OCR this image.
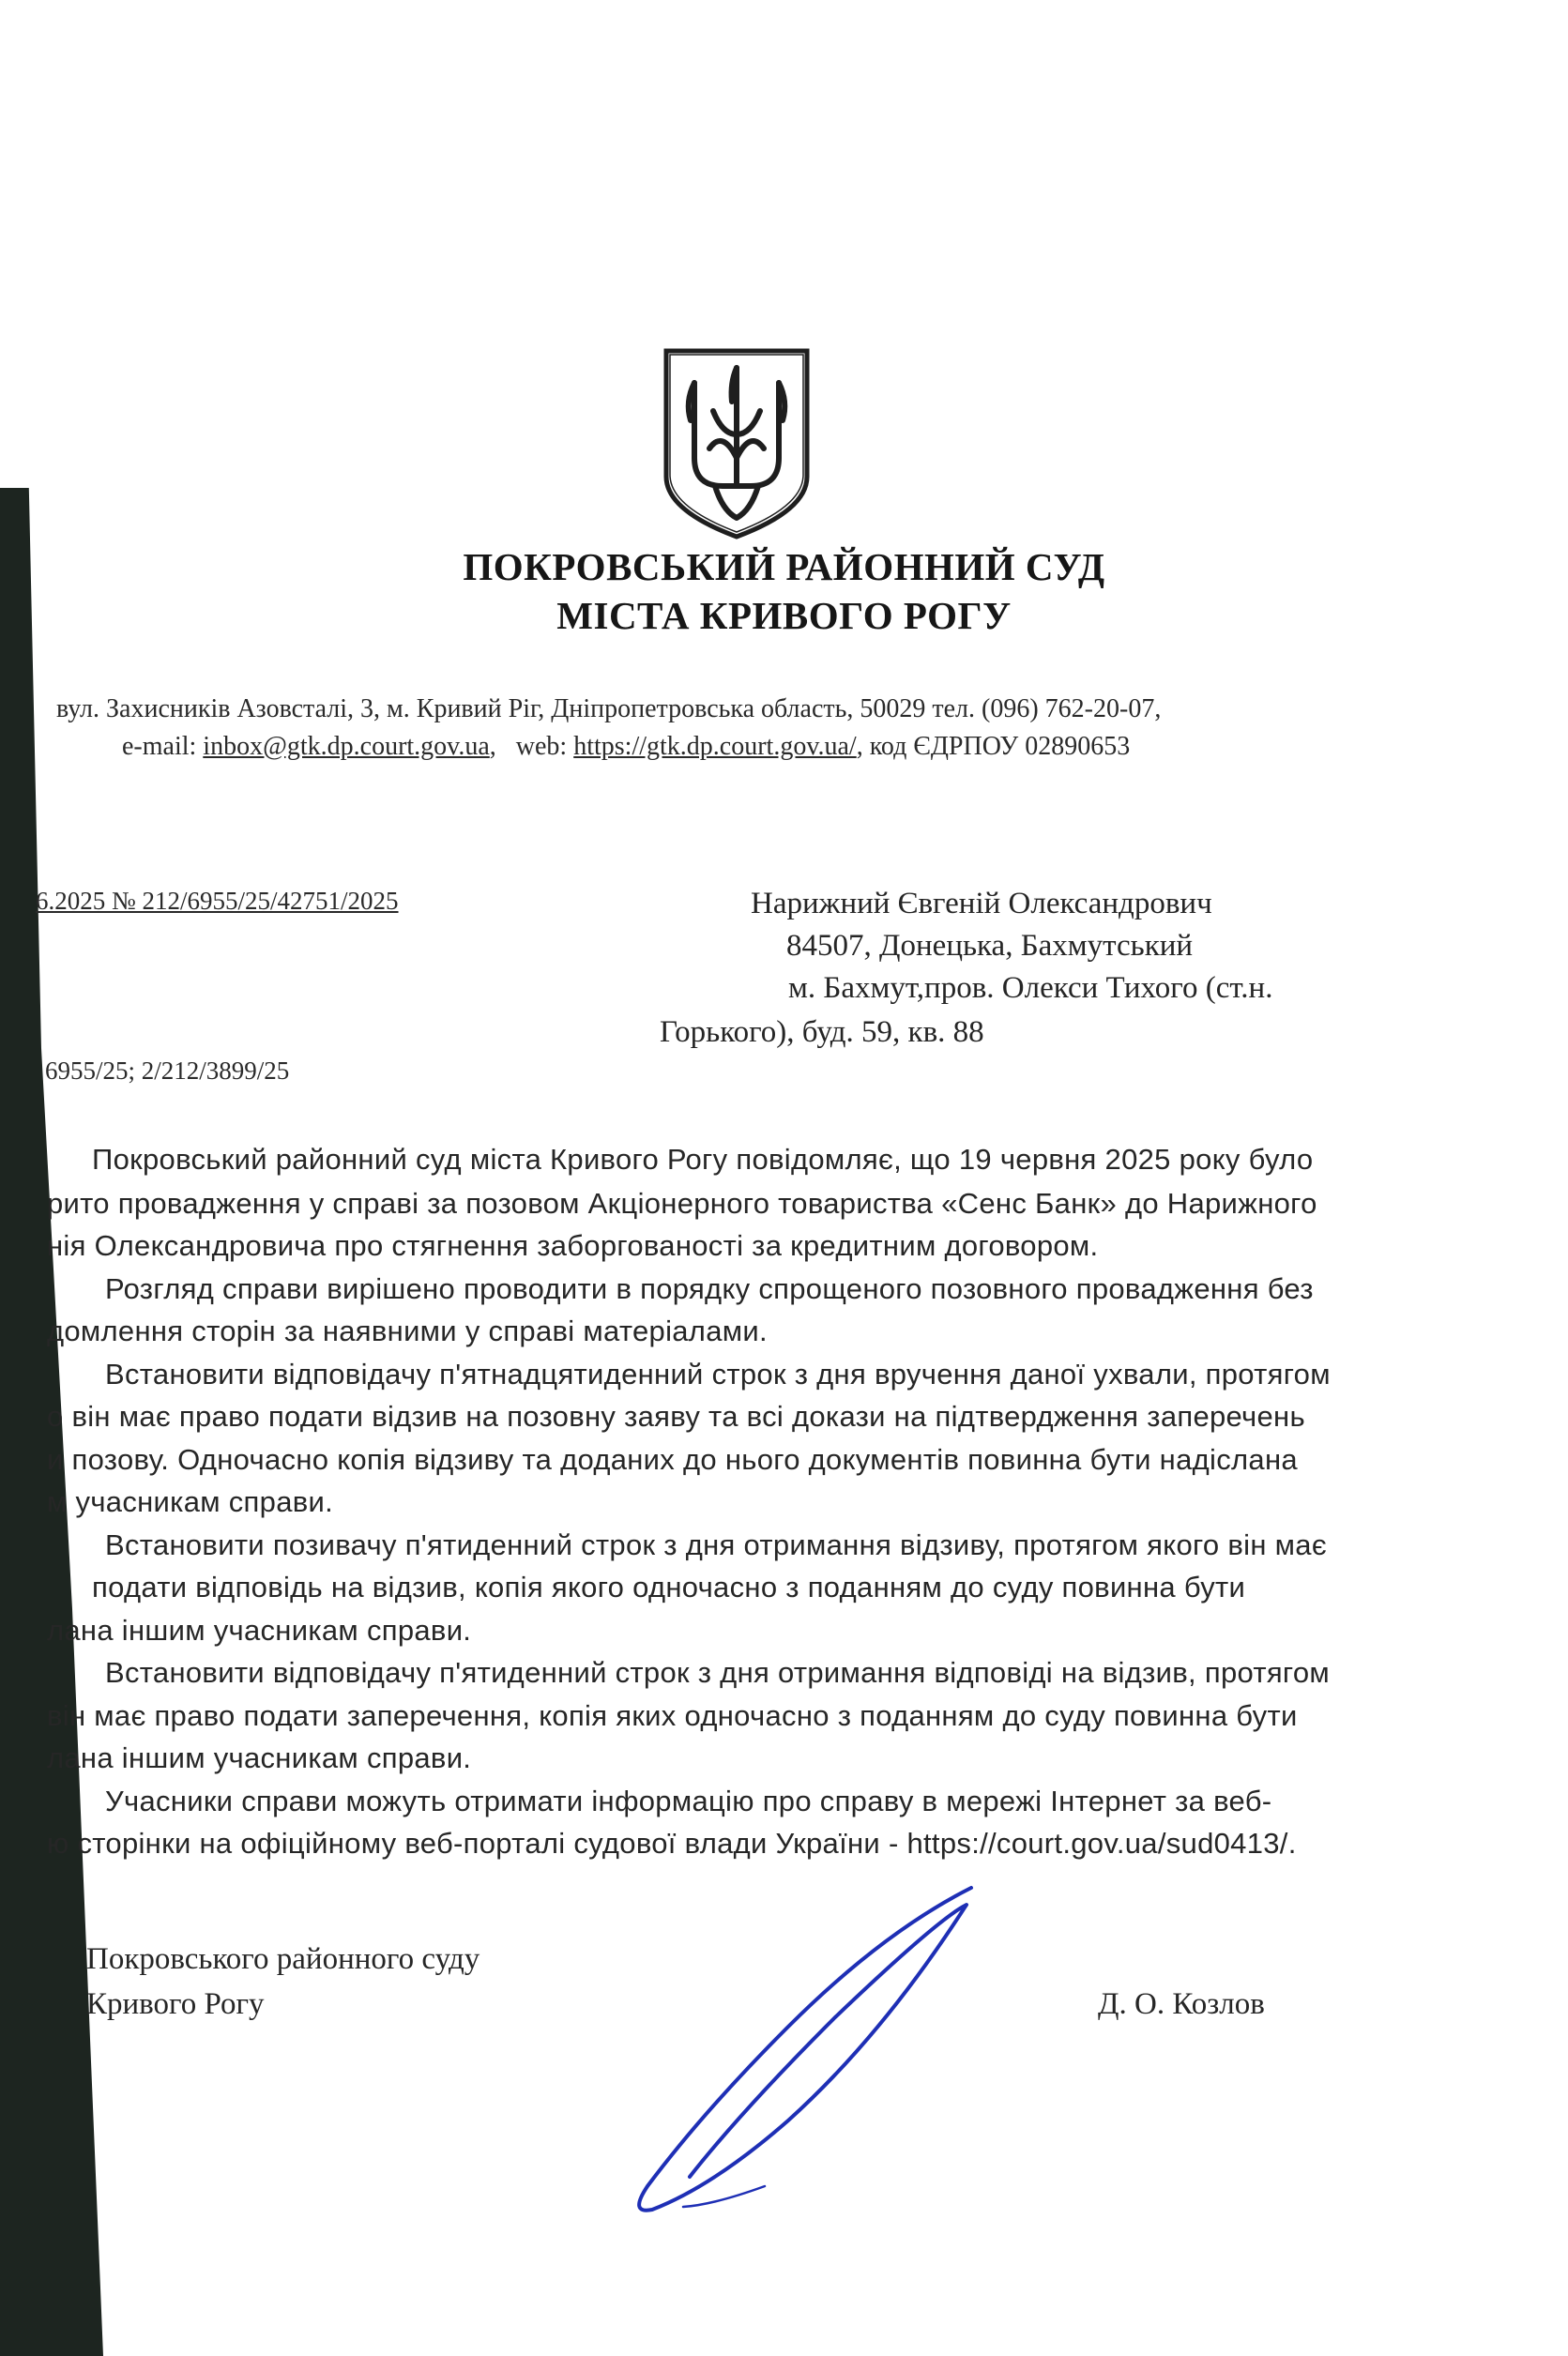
ПОКРОВСЬКИЙ РАЙОННИЙ СУД
МІСТА КРИВОГО РОГУ
вул. Захисників Азовсталі, 3, м. Кривий Ріг, Дніпропетровська область, 50029 тел. (096) 762-20-07,
e-mail: inbox@gtk.dp.court.gov.ua,   web: https://gtk.dp.court.gov.ua/, код ЄДРПОУ 02890653
6.2025 № 212/6955/25/42751/2025
6955/25; 2/212/3899/25
Нарижний Євгеній Олександрович
84507, Донецька, Бахмутський
м. Бахмут,пров. Олекси Тихого (ст.н.
Горького), буд. 59, кв. 88
Покровський районний суд міста Кривого Рогу повідомляє, що 19 червня 2025 року було
рито провадження у справі за позовом Акціонерного товариства «Сенс Банк» до Нарижного
нія Олександровича про стягнення заборгованості за кредитним договором.
Розгляд справи вирішено проводити в порядку спрощеного позовного провадження без
домлення сторін за наявними у справі матеріалами.
Встановити відповідачу п'ятнадцятиденний строк з дня вручення даної ухвали, протягом
о він має право подати відзив на позовну заяву та всі докази на підтвердження заперечень
и позову. Одночасно копія відзиву та доданих до нього документів повинна бути надіслана
м учасникам справи.
Встановити позивачу п'ятиденний строк з дня отримання відзиву, протягом якого він має
подати відповідь на відзив, копія якого одночасно з поданням до суду повинна бути
лана іншим учасникам справи.
Встановити відповідачу п'ятиденний строк з дня отримання відповіді на відзив, протягом
він має право подати заперечення, копія яких одночасно з поданням до суду повинна бути
лана іншим учасникам справи.
Учасники справи можуть отримати інформацію про справу в мережі Інтернет за веб-
ю сторінки на офіційному веб-порталі судової влади України - https://court.gov.ua/sud0413/.
Покровського районного суду
Кривого Рогу	Д. О. Козлов
